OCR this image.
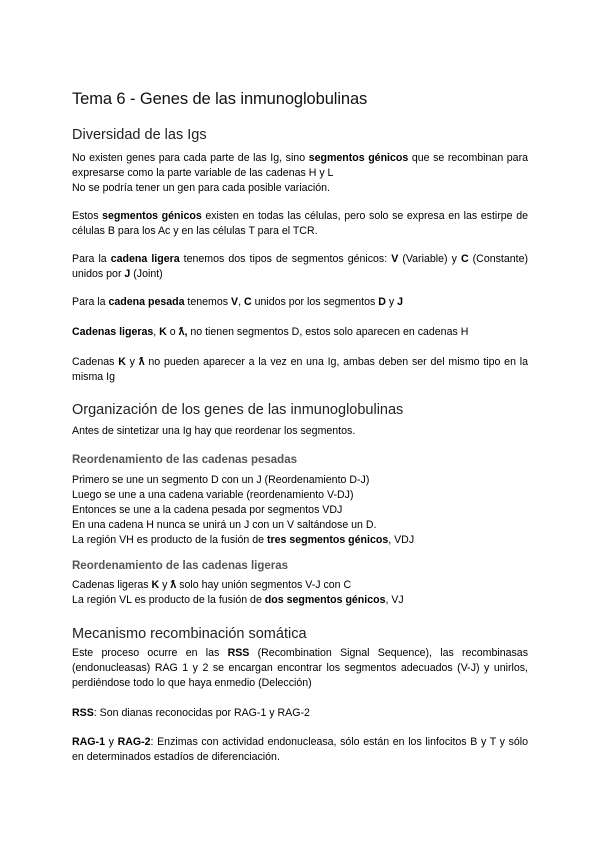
Tema 6 - Genes de las inmunoglobulinas
Diversidad de las Igs

No existen genes para cada parte de las Ig, sino segmentos génicos que se recombinan para expresarse como la parte variable de las cadenas H y L
No se podría tener un gen para cada posible variación.

Estos segmentos génicos existen en todas las células, pero solo se expresa en las estirpe de células B para los Ac y en las células T para el TCR.

Para la cadena ligera tenemos dos tipos de segmentos génicos: V (Variable) y C (Constante) unidos por J (Joint)

Para la cadena pesada tenemos V, C unidos por los segmentos D y J

Cadenas ligeras, Κ o ƛ, no tienen segmentos D, estos solo aparecen en cadenas H

Cadenas Κ y ƛ no pueden aparecer a la vez en una Ig, ambas deben ser del mismo tipo en la misma Ig

Organización de los genes de las inmunoglobulinas

Antes de sintetizar una Ig hay que reordenar los segmentos.

Reordenamiento de las cadenas pesadas
Primero se une un segmento D con un J (Reordenamiento D-J)
Luego se une a una cadena variable (reordenamiento V-DJ)
Entonces se une a la cadena pesada por segmentos VDJ
En una cadena H nunca se unirá un J con un V saltándose un D.
La región VH es producto de la fusión de tres segmentos génicos, VDJ
Reordenamiento de las cadenas ligeras
Cadenas ligeras Κ y ƛ solo hay unión segmentos V-J con C
La región VL es producto de la fusión de dos segmentos génicos, VJ
Mecanismo recombinación somática

Este proceso ocurre en las RSS (Recombination Signal Sequence), las recombinasas (endonucleasas) RAG 1 y 2 se encargan encontrar los segmentos adecuados (V-J) y unirlos, perdiéndose todo lo que haya enmedio (Delección)

RSS: Son dianas reconocidas por RAG-1 y RAG-2

RAG-1 y RAG-2: Enzimas con actividad endonucleasa, sólo están en los linfocitos B y T y sólo en determinados estadíos de diferenciación.
